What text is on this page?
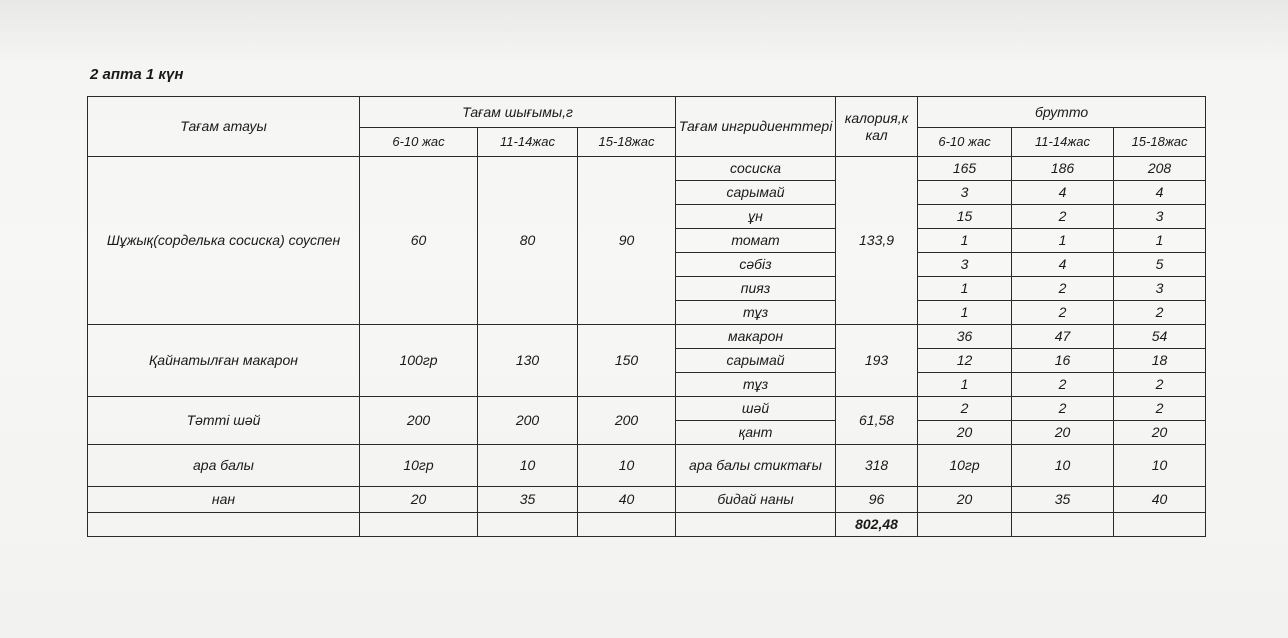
2 апта 1 күн
Тағам атауы	Тағам шығымы,г			Тағам ингридиенттері	калория,к кал	брутто		
	6-10 жас	11-14жас	15-18жас			6-10 жас	11-14жас	15-18жас
Шұжық(сорделька сосиска) соуспен	60	80	90	сосиска	133,9	165	186	208
				сарымай		3	4	4
				ұн		15	2	3
				томат		1	1	1
				сәбіз		3	4	5
				пияз		1	2	3
				тұз		1	2	2
Қайнатылған макарон	100гр	130	150	макарон	193	36	47	54
				сарымай		12	16	18
				тұз		1	2	2
Тәтті шәй	200	200	200	шәй	61,58	2	2	2
				қант		20	20	20
ара балы	10гр	10	10	ара балы стиктағы	318	10гр	10	10
нан	20	35	40	бидай наны	96	20	35	40
					802,48			
